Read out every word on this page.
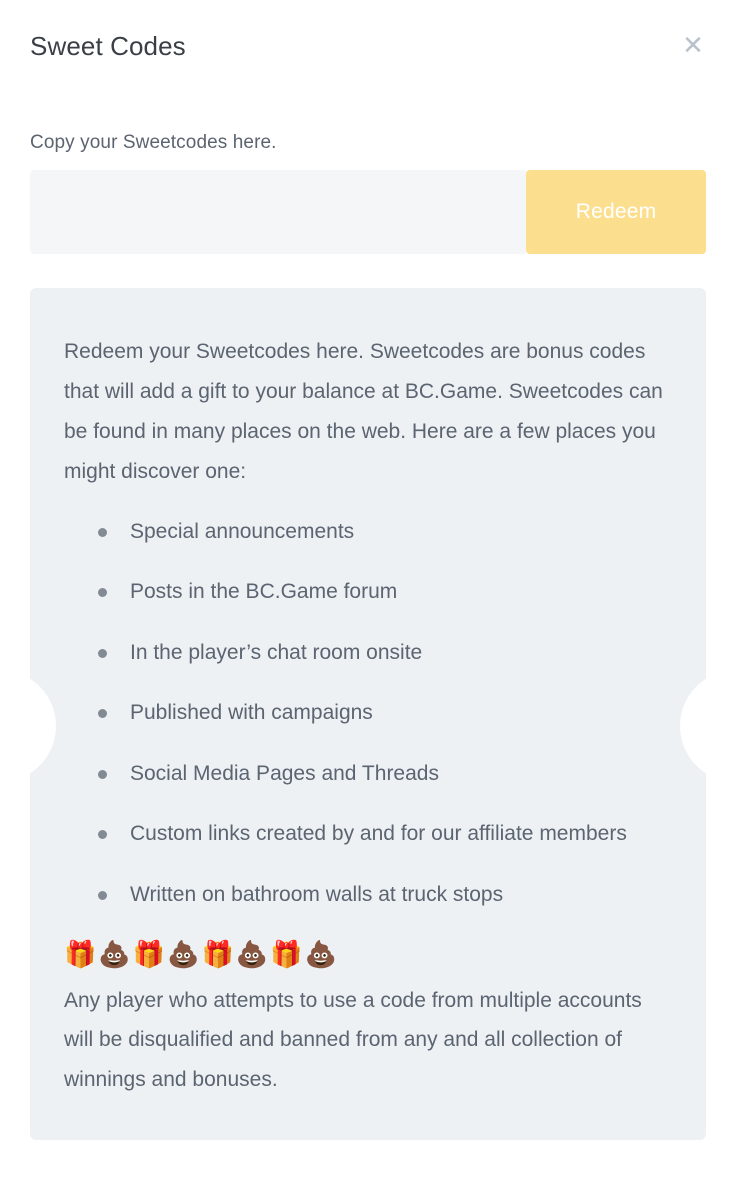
Sweet Codes	✕
Copy your Sweetcodes here.
Redeem

Redeem your Sweetcodes here. Sweetcodes are bonus codes that will add a gift to your balance at BC.Game. Sweetcodes can be found in many places on the web. Here are a few places you might discover one:

Special announcements
Posts in the BC.Game forum
In the player’s chat room onsite
Published with campaigns
Social Media Pages and Threads
Custom links created by and for our affiliate members
Written on bathroom walls at truck stops
🎁💩🎁💩🎁💩🎁💩

Any player who attempts to use a code from multiple accounts will be disqualified and banned from any and all collection of winnings and bonuses.
